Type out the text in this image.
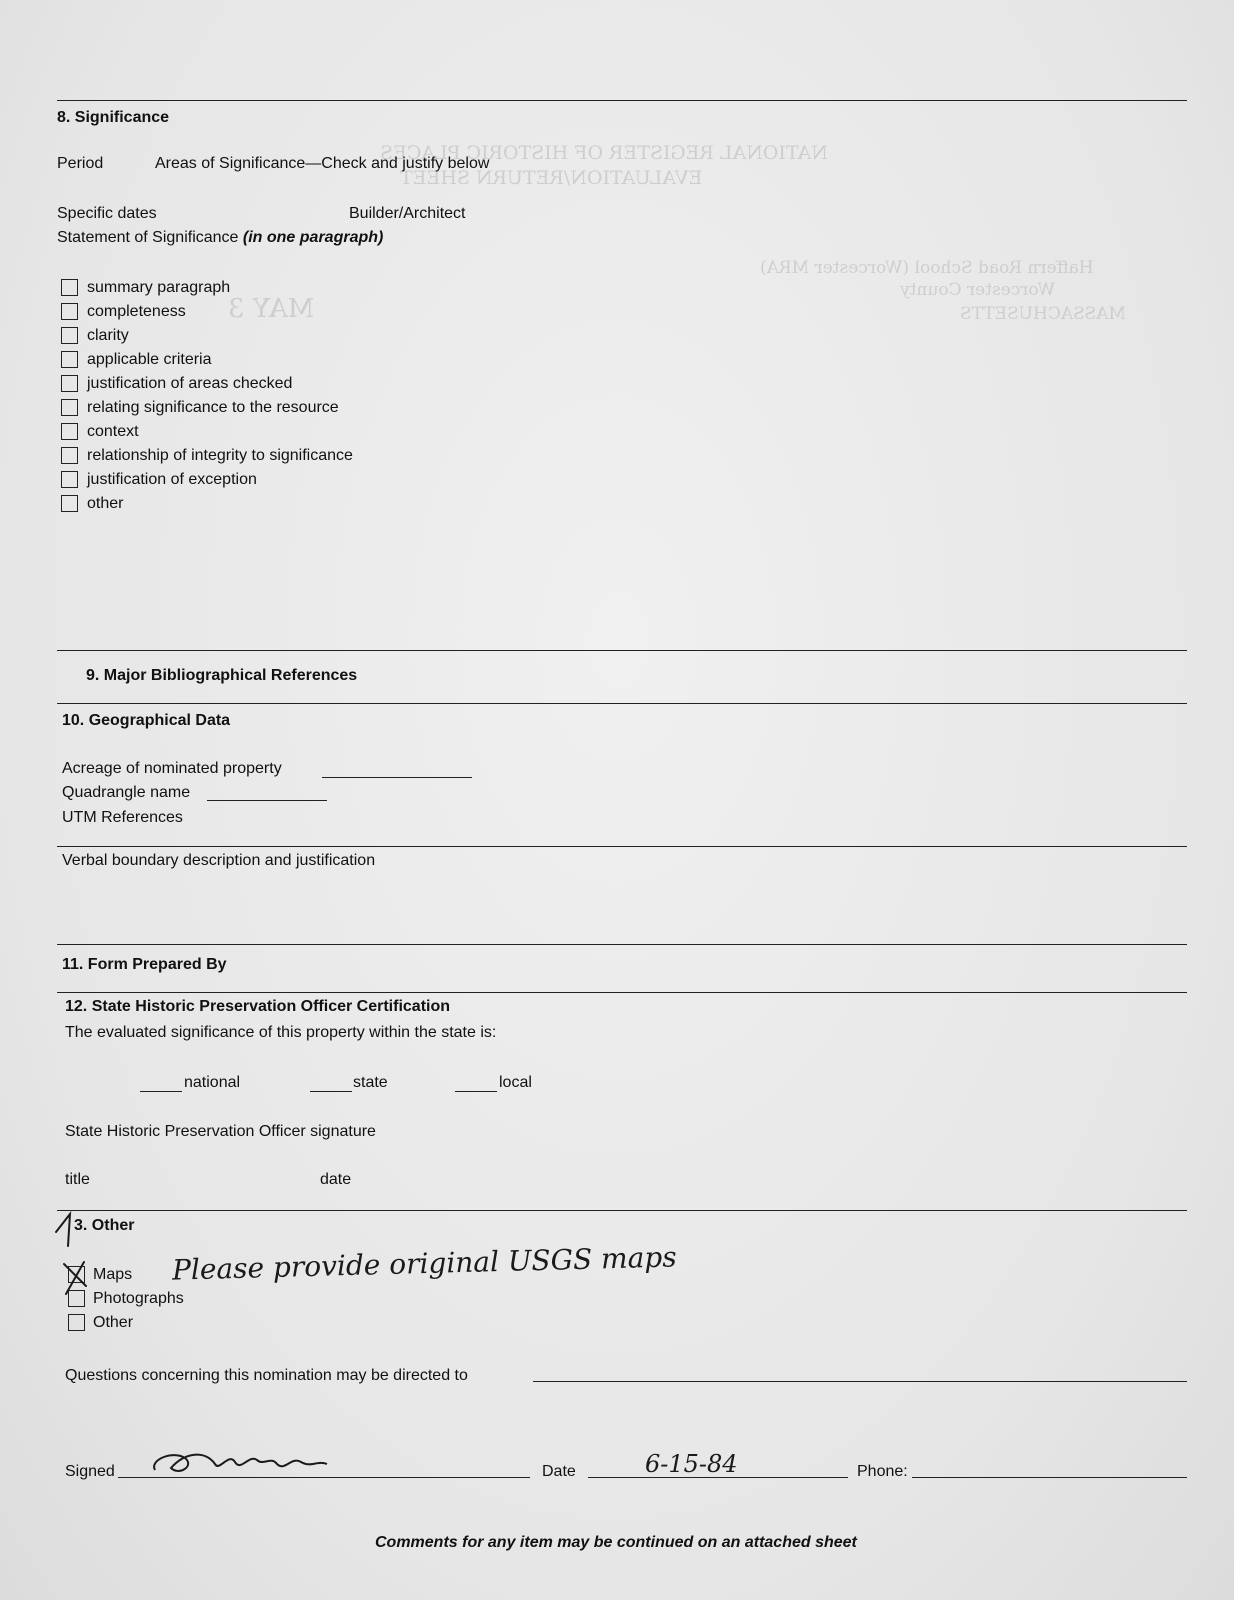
NATIONAL REGISTER OF HISTORIC PLACES
EVALUATION/RETURN SHEET
Haffern Road School (Worcester MRA)
Worcester County
MASSACHUSETTS
MAY 3
8. Significance
Period	Areas of Significance—Check and justify below
Specific dates	Builder/Architect
Statement of Significance (in one paragraph)
summary paragraph
completeness
clarity
applicable criteria
justification of areas checked
relating significance to the resource
context
relationship of integrity to significance
justification of exception
other
9. Major Bibliographical References
10. Geographical Data
Acreage of nominated property
Quadrangle name
UTM References
Verbal boundary description and justification
11. Form Prepared By
12. State Historic Preservation Officer Certification
The evaluated significance of this property within the state is:
national	state	local
State Historic Preservation Officer signature
title	date
3. Other
Maps
Photographs
Other
Please provide original USGS maps
Questions concerning this nomination may be directed to
Signed	Date	6-15-84	Phone:
Comments for any item may be continued on an attached sheet
